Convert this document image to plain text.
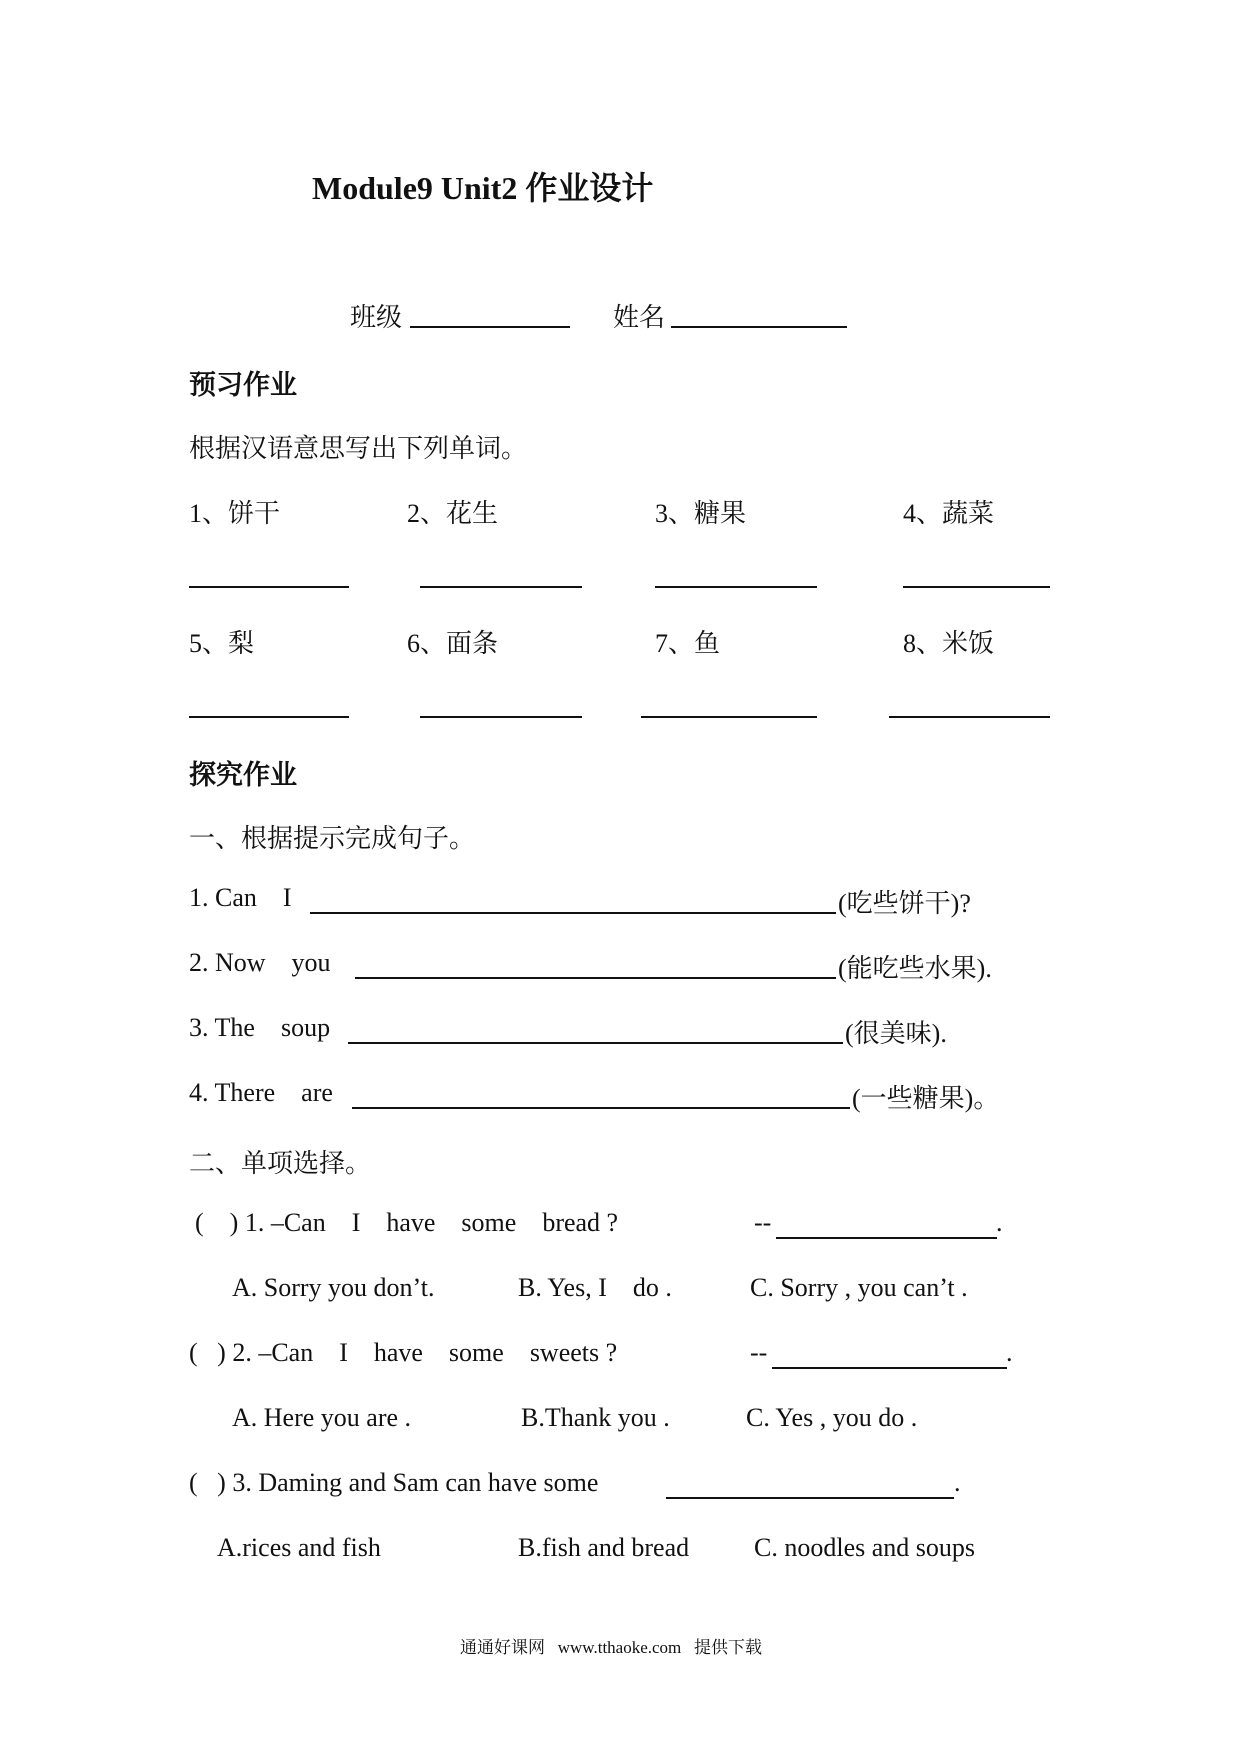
Module9 Unit2 作业设计
班级	姓名
预习作业
根据汉语意思写出下列单词。
1、饼干	2、花生	3、糖果	4、蔬菜
5、梨	6、面条	7、鱼	8、米饭
探究作业
一、根据提示完成句子。
1. Can    I	(吃些饼干)?
2. Now    you	(能吃些水果).
3. The    soup	(很美味).
4. There    are	(一些糖果)。
二、单项选择。
(    ) 1. –Can    I    have    some    bread ?	--	.
A. Sorry you don’t.	B. Yes, I    do .	C. Sorry , you can’t .
(   ) 2. –Can    I    have    some    sweets ?	--	.
A. Here you are .	B.Thank you .	C. Yes , you do .
(   ) 3. Daming and Sam can have some	.
A.rices and fish	B.fish and bread C. noodles and soups
通通好课网   www.tthaoke.com   提供下载
